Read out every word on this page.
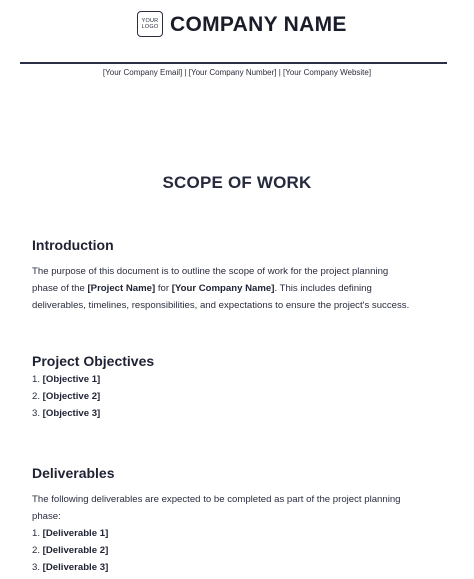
YOUR
LOGO COMPANY NAME
[Your Company Email] | [Your Company Number] | [Your Company Website]
SCOPE OF WORK
Introduction
The purpose of this document is to outline the scope of work for the project planning
phase of the [Project Name] for [Your Company Name]. This includes defining
deliverables, timelines, responsibilities, and expectations to ensure the project's success.
Project Objectives
1. [Objective 1]
2. [Objective 2]
3. [Objective 3]
Deliverables
The following deliverables are expected to be completed as part of the project planning
phase:
1. [Deliverable 1]
2. [Deliverable 2]
3. [Deliverable 3]
